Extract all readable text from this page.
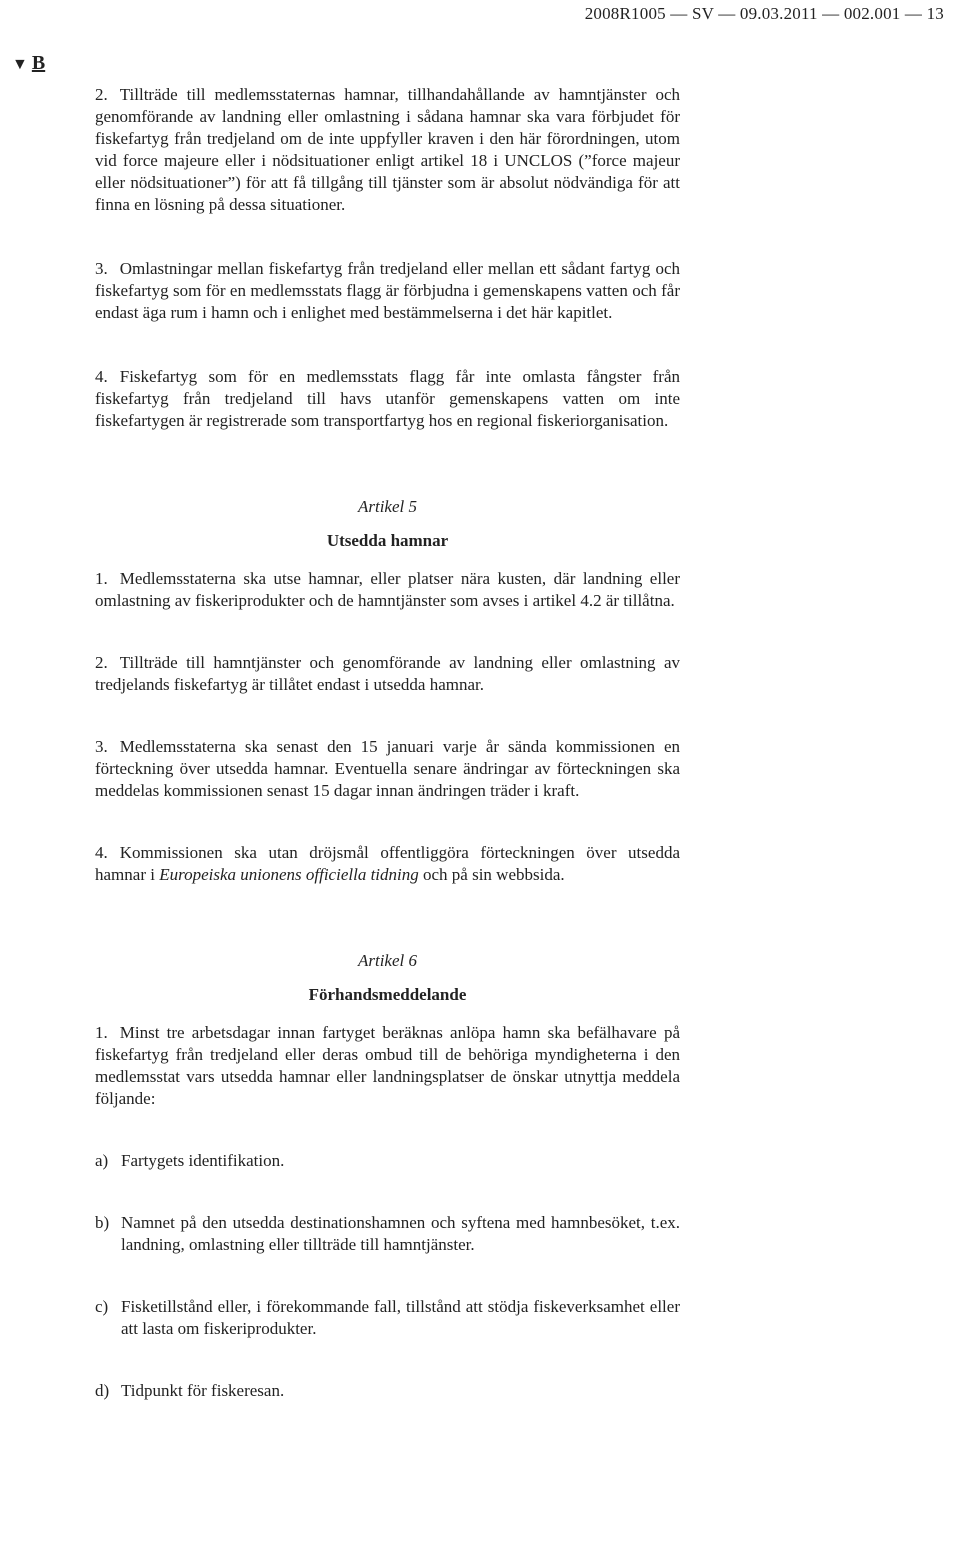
2008R1005 — SV — 09.03.2011 — 002.001 — 13
▼ B

2. Tillträde till medlemsstaternas hamnar, tillhandahållande av hamntjänster och genomförande av landning eller omlastning i sådana hamnar ska vara förbjudet för fiskefartyg från tredjeland om de inte uppfyller kraven i den här förordningen, utom vid force majeure eller i nödsituationer enligt artikel 18 i UNCLOS (”force majeur eller nödsituationer”) för att få tillgång till tjänster som är absolut nödvändiga för att finna en lösning på dessa situationer.

3. Omlastningar mellan fiskefartyg från tredjeland eller mellan ett sådant fartyg och fiskefartyg som för en medlemsstats flagg är förbjudna i gemenskapens vatten och får endast äga rum i hamn och i enlighet med bestämmelserna i det här kapitlet.

4. Fiskefartyg som för en medlemsstats flagg får inte omlasta fångster från fiskefartyg från tredjeland till havs utanför gemenskapens vatten om inte fiskefartygen är registrerade som transportfartyg hos en regional fiskeriorganisation.

Artikel 5

Utsedda hamnar

1. Medlemsstaterna ska utse hamnar, eller platser nära kusten, där landning eller omlastning av fiskeriprodukter och de hamntjänster som avses i artikel 4.2 är tillåtna.

2. Tillträde till hamntjänster och genomförande av landning eller omlastning av tredjelands fiskefartyg är tillåtet endast i utsedda hamnar.

3. Medlemsstaterna ska senast den 15 januari varje år sända kommissionen en förteckning över utsedda hamnar. Eventuella senare ändringar av förteckningen ska meddelas kommissionen senast 15 dagar innan ändringen träder i kraft.

4. Kommissionen ska utan dröjsmål offentliggöra förteckningen över utsedda hamnar i Europeiska unionens officiella tidning och på sin webbsida.

Artikel 6

Förhandsmeddelande

1. Minst tre arbetsdagar innan fartyget beräknas anlöpa hamn ska befälhavare på fiskefartyg från tredjeland eller deras ombud till de behöriga myndigheterna i den medlemsstat vars utsedda hamnar eller landningsplatser de önskar utnyttja meddela följande:

a) Fartygets identifikation.
b) Namnet på den utsedda destinationshamnen och syftena med hamnbesöket, t.ex. landning, omlastning eller tillträde till hamntjänster.
c) Fisketillstånd eller, i förekommande fall, tillstånd att stödja fiskeverksamhet eller att lasta om fiskeriprodukter.
d) Tidpunkt för fiskeresan.
